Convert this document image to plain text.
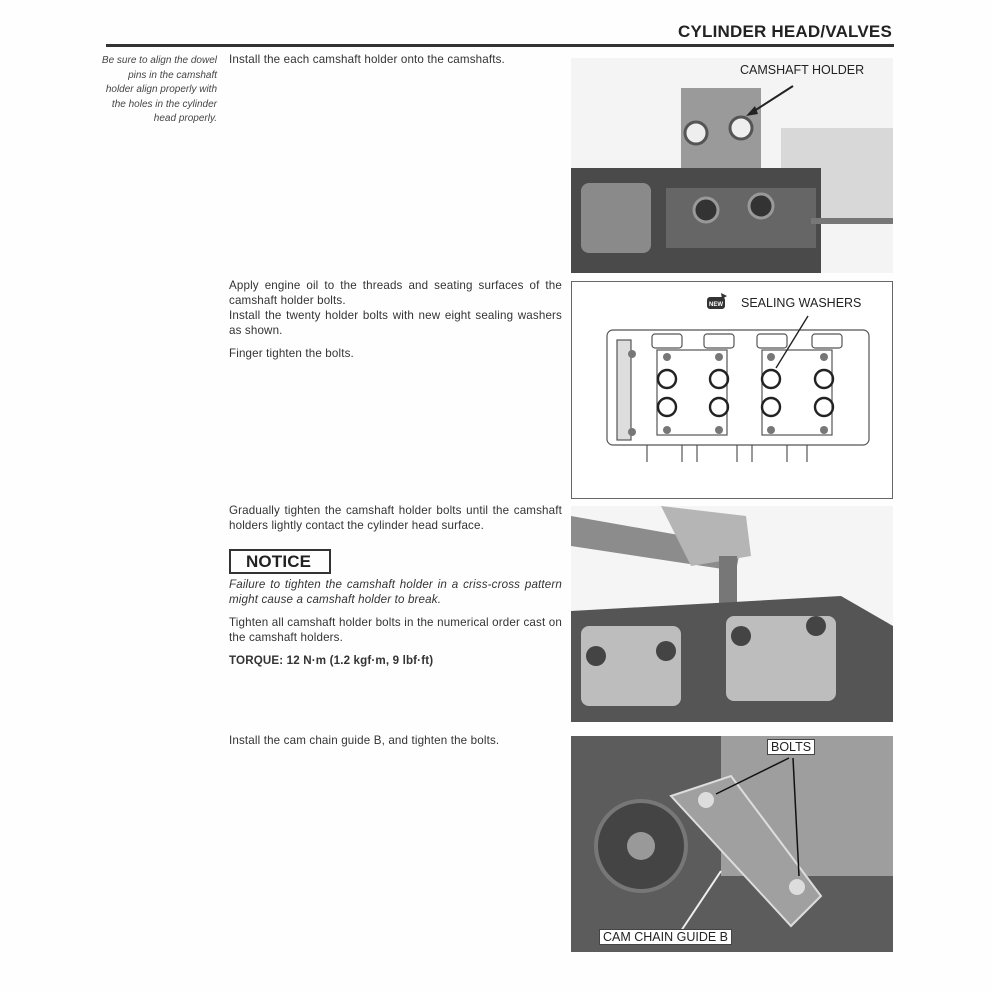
CYLINDER HEAD/VALVES
Be sure to align the dowel pins in the camshaft holder align properly with the holes in the cylinder head properly.

Install the each camshaft holder onto the camshafts.

CAMSHAFT HOLDER

Apply engine oil to the threads and seating surfaces of the camshaft holder bolts.

Install the twenty holder bolts with new eight sealing washers as shown.

Finger tighten the bolts.

NEW SEALING WASHERS

Gradually tighten the camshaft holder bolts until the camshaft holders lightly contact the cylinder head surface.

NOTICE

Failure to tighten the camshaft holder in a criss-cross pattern might cause a camshaft holder to break.

Tighten all camshaft holder bolts in the numerical order cast on the camshaft holders.

TORQUE: 12 N·m (1.2 kgf·m, 9 lbf·ft)

Install the cam chain guide B, and tighten the bolts.	BOLTS
CAM CHAIN GUIDE B
